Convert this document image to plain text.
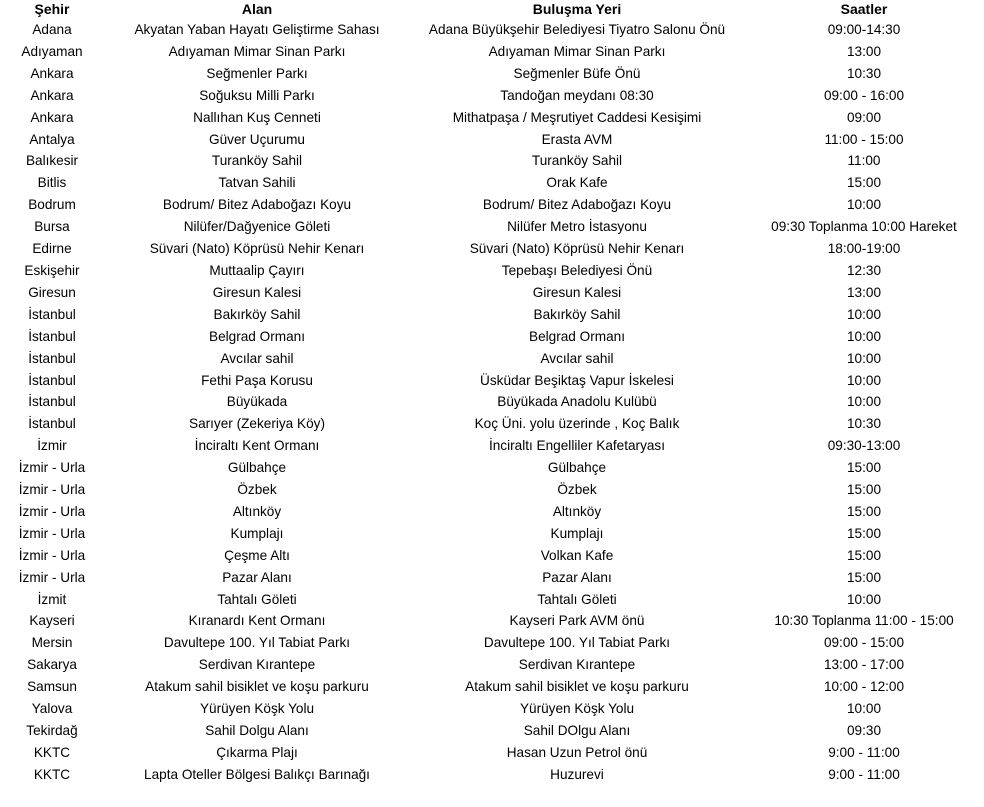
Şehir	Alan	Buluşma Yeri	Saatler
Adana	Akyatan Yaban Hayatı Geliştirme Sahası	Adana Büyükşehir Belediyesi Tiyatro Salonu Önü	09:00-14:30
Adıyaman	Adıyaman Mimar Sinan Parkı	Adıyaman Mimar Sinan Parkı	13:00
Ankara	Seğmenler Parkı	Seğmenler Büfe Önü	10:30
Ankara	Soğuksu Milli Parkı	Tandoğan meydanı 08:30	09:00 - 16:00
Ankara	Nallıhan Kuş Cenneti	Mithatpaşa / Meşrutiyet Caddesi Kesişimi	09:00
Antalya	Güver Uçurumu	Erasta AVM	11:00 - 15:00
Balıkesir	Turanköy Sahil	Turanköy Sahil	11:00
Bitlis	Tatvan Sahili	Orak Kafe	15:00
Bodrum	Bodrum/ Bitez Adaboğazı Koyu	Bodrum/ Bitez Adaboğazı Koyu	10:00
Bursa	Nilüfer/Dağyenice Göleti	Nilüfer Metro İstasyonu	09:30 Toplanma 10:00 Hareket
Edirne	Süvari (Nato) Köprüsü Nehir Kenarı	Süvari (Nato) Köprüsü Nehir Kenarı	18:00-19:00
Eskişehir	Muttaalip Çayırı	Tepebaşı Belediyesi Önü	12:30
Giresun	Giresun Kalesi	Giresun Kalesi	13:00
İstanbul	Bakırköy Sahil	Bakırköy Sahil	10:00
İstanbul	Belgrad Ormanı	Belgrad Ormanı	10:00
İstanbul	Avcılar sahil	Avcılar sahil	10:00
İstanbul	Fethi Paşa Korusu	Üsküdar Beşiktaş Vapur İskelesi	10:00
İstanbul	Büyükada	Büyükada Anadolu Kulübü	10:00
İstanbul	Sarıyer (Zekeriya Köy)	Koç Üni. yolu üzerinde , Koç Balık	10:30
İzmir	İnciraltı Kent Ormanı	İnciraltı Engelliler Kafetaryası	09:30-13:00
İzmir - Urla	Gülbahçe	Gülbahçe	15:00
İzmir - Urla	Özbek	Özbek	15:00
İzmir - Urla	Altınköy	Altınköy	15:00
İzmir - Urla	Kumplajı	Kumplajı	15:00
İzmir - Urla	Çeşme Altı	Volkan Kafe	15:00
İzmir - Urla	Pazar Alanı	Pazar Alanı	15:00
İzmit	Tahtalı Göleti	Tahtalı Göleti	10:00
Kayseri	Kıranardı Kent Ormanı	Kayseri Park AVM önü	10:30 Toplanma 11:00 - 15:00
Mersin	Davultepe 100. Yıl Tabiat Parkı	Davultepe 100. Yıl Tabiat Parkı	09:00 - 15:00
Sakarya	Serdivan Kırantepe	Serdivan Kırantepe	13:00 - 17:00
Samsun	Atakum sahil bisiklet ve koşu parkuru	Atakum sahil bisiklet ve koşu parkuru	10:00 - 12:00
Yalova	Yürüyen Köşk Yolu	Yürüyen Köşk Yolu	10:00
Tekirdağ	Sahil Dolgu Alanı	Sahil DOlgu Alanı	09:30
KKTC	Çıkarma Plajı	Hasan Uzun Petrol önü	9:00 - 11:00
KKTC	Lapta Oteller Bölgesi Balıkçı Barınağı	Huzurevi	9:00 - 11:00
